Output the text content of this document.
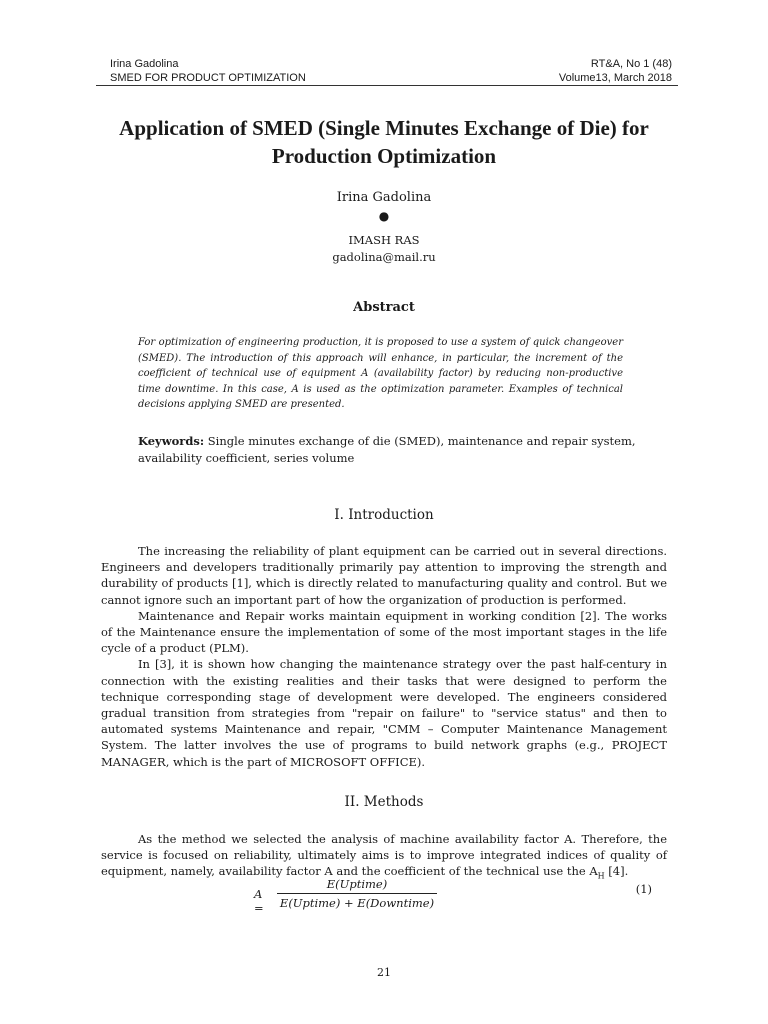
Irina Gadolina
SMED FOR PRODUCT OPTIMIZATION
RT&A, No 1 (48)
Volume13, March 2018
Application of SMED (Single Minutes Exchange of Die) for Production Optimization
Irina Gadolina
●
IMASH RAS
gadolina@mail.ru
Abstract
For optimization of engineering production, it is proposed to use a system of quick changeover (SMED). The introduction of this approach will enhance, in particular, the increment of the coefficient of technical use of equipment A (availability factor) by reducing non-productive time downtime. In this case, A is used as the optimization parameter. Examples of technical decisions applying SMED are presented.
Keywords: Single minutes exchange of die (SMED), maintenance and repair system, availability coefficient, series volume
I. Introduction

The increasing the reliability of plant equipment can be carried out in several directions. Engineers and developers traditionally primarily pay attention to improving the strength and durability of products [1], which is directly related to manufacturing quality and control. But we cannot ignore such an important part of how the organization of production is performed.

Maintenance and Repair works maintain equipment in working condition [2]. The works of the Maintenance ensure the implementation of some of the most important stages in the life cycle of a product (PLM).

In [3], it is shown how changing the maintenance strategy over the past half-century in connection with the existing realities and their tasks that were designed to perform the technique corresponding stage of development were developed. The engineers considered gradual transition from strategies from "repair on failure" to "service status" and then to automated systems Maintenance and repair, "CMM – Computer Maintenance Management System. The latter involves the use of programs to build network graphs (e.g., PROJECT MANAGER, which is the part of MICROSOFT OFFICE).

II. Methods

As the method we selected the analysis of machine availability factor A. Therefore, the service is focused on reliability, ultimately aims is to improve integrated indices of quality of equipment, namely, availability factor A and the coefficient of the technical use the $A_H$ [4].

A =
E(Uptime)
E(Uptime) + E(Downtime)
(1)
21
